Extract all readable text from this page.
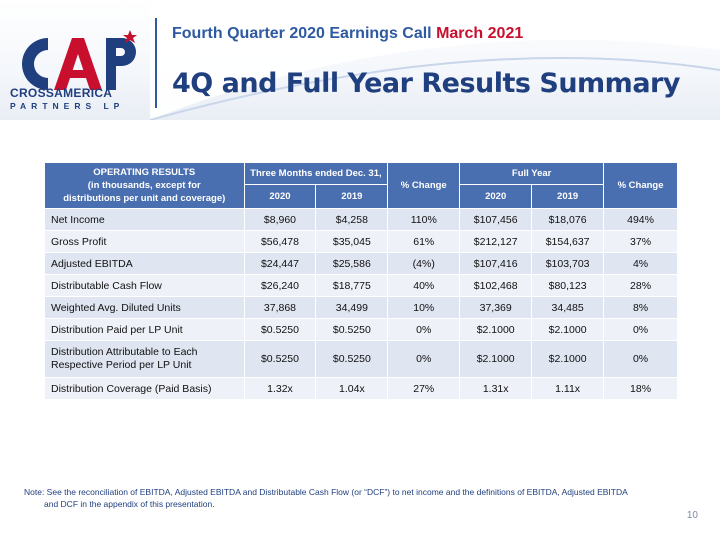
CROSSAMERICA
PARTNERS LP
Fourth Quarter 2020 Earnings Call March 2021
4Q and Full Year Results Summary
OPERATING RESULTS
(in thousands, except for
distributions per unit and coverage)	Three Months ended Dec. 31,		% Change	Full Year		% Change
	2020	2019		2020	2019	
Net Income	$8,960	$4,258	110%	$107,456	$18,076	494%
Gross Profit	$56,478	$35,045	61%	$212,127	$154,637	37%
Adjusted EBITDA	$24,447	$25,586	(4%)	$107,416	$103,703	4%
Distributable Cash Flow	$26,240	$18,775	40%	$102,468	$80,123	28%
Weighted Avg. Diluted Units	37,868	34,499	10%	37,369	34,485	8%
Distribution Paid per LP Unit	$0.5250	$0.5250	0%	$2.1000	$2.1000	0%
Distribution Attributable to Each Respective Period per LP Unit	$0.5250	$0.5250	0%	$2.1000	$2.1000	0%
Distribution Coverage (Paid Basis)	1.32x	1.04x	27%	1.31x	1.11x	18%
Note: See the reconciliation of EBITDA, Adjusted EBITDA and Distributable Cash Flow (or “DCF”) to net income and the definitions of EBITDA, Adjusted EBITDA
and DCF in the appendix of this presentation.
10
